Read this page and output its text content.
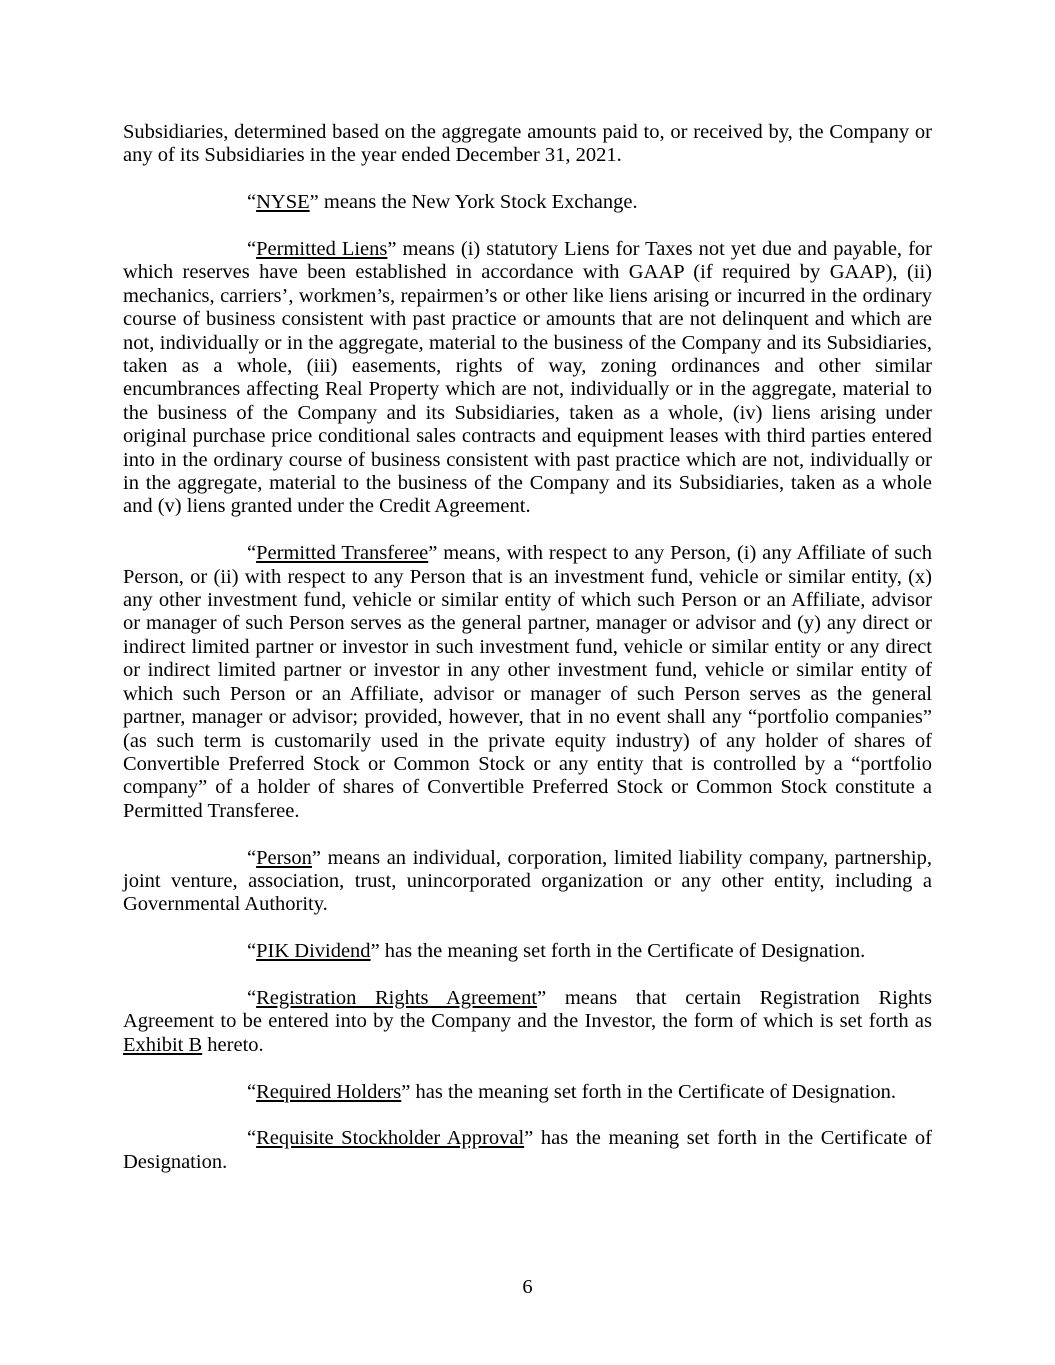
Subsidiaries, determined based on the aggregate amounts paid to, or received by, the Company or any of its Subsidiaries in the year ended December 31, 2021.

“NYSE” means the New York Stock Exchange.

“Permitted Liens” means (i) statutory Liens for Taxes not yet due and payable, for which reserves have been established in accordance with GAAP (if required by GAAP), (ii) mechanics, carriers’, workmen’s, repairmen’s or other like liens arising or incurred in the ordinary course of business consistent with past practice or amounts that are not delinquent and which are not, individually or in the aggregate, material to the business of the Company and its Subsidiaries, taken as a whole, (iii) easements, rights of way, zoning ordinances and other similar encumbrances affecting Real Property which are not, individually or in the aggregate, material to the business of the Company and its Subsidiaries, taken as a whole, (iv) liens arising under original purchase price conditional sales contracts and equipment leases with third parties entered into in the ordinary course of business consistent with past practice which are not, individually or in the aggregate, material to the business of the Company and its Subsidiaries, taken as a whole and (v) liens granted under the Credit Agreement.

“Permitted Transferee” means, with respect to any Person, (i) any Affiliate of such Person, or (ii) with respect to any Person that is an investment fund, vehicle or similar entity, (x) any other investment fund, vehicle or similar entity of which such Person or an Affiliate, advisor or manager of such Person serves as the general partner, manager or advisor and (y) any direct or indirect limited partner or investor in such investment fund, vehicle or similar entity or any direct or indirect limited partner or investor in any other investment fund, vehicle or similar entity of which such Person or an Affiliate, advisor or manager of such Person serves as the general partner, manager or advisor; provided, however, that in no event shall any “portfolio companies” (as such term is customarily used in the private equity industry) of any holder of shares of Convertible Preferred Stock or Common Stock or any entity that is controlled by a “portfolio company” of a holder of shares of Convertible Preferred Stock or Common Stock constitute a Permitted Transferee.

“Person” means an individual, corporation, limited liability company, partnership, joint venture, association, trust, unincorporated organization or any other entity, including a Governmental Authority.

“PIK Dividend” has the meaning set forth in the Certificate of Designation.

“Registration Rights Agreement” means that certain Registration Rights Agreement to be entered into by the Company and the Investor, the form of which is set forth as Exhibit B hereto.

“Required Holders” has the meaning set forth in the Certificate of Designation.

“Requisite Stockholder Approval” has the meaning set forth in the Certificate of Designation.

6
